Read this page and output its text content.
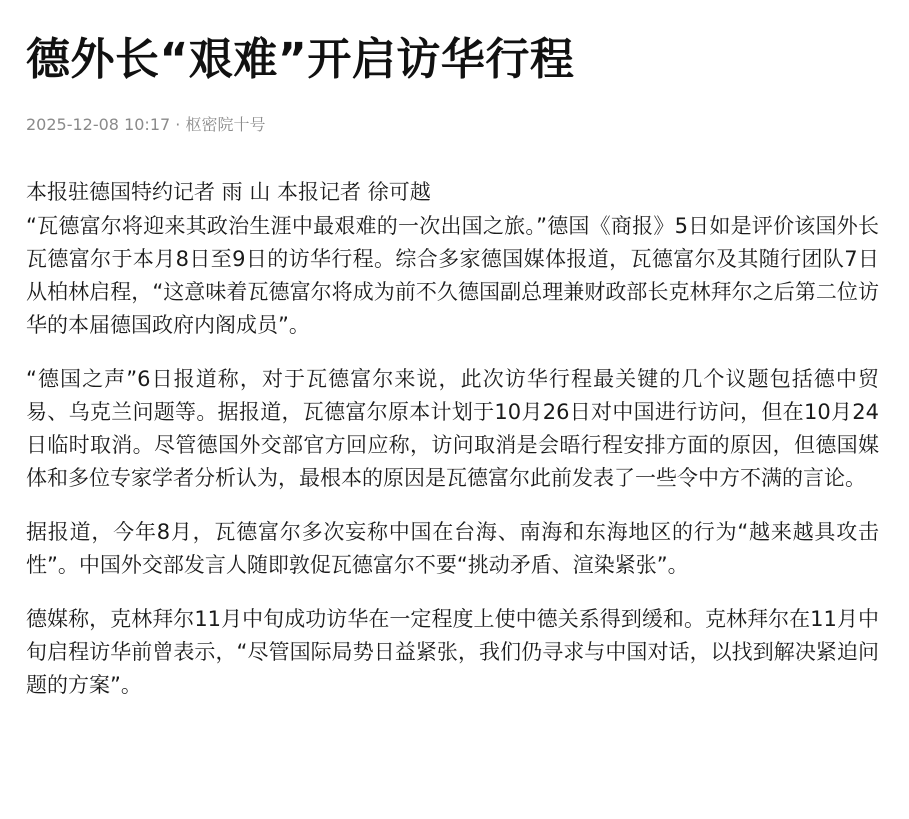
德外长“艰难”开启访华行程
2025-12-08 10:17 · 枢密院十号

本报驻德国特约记者 雨 山 本报记者 徐可越

“瓦德富尔将迎来其政治生涯中最艰难的一次出国之旅。”德国《商报》5日如是评价该国外长瓦德富尔于本月8日至9日的访华行程。综合多家德国媒体报道，瓦德富尔及其随行团队7日从柏林启程，“这意味着瓦德富尔将成为前不久德国副总理兼财政部长克林拜尔之后第二位访华的本届德国政府内阁成员”。

“德国之声”6日报道称，对于瓦德富尔来说，此次访华行程最关键的几个议题包括德中贸易、乌克兰问题等。据报道，瓦德富尔原本计划于10月26日对中国进行访问，但在10月24日临时取消。尽管德国外交部官方回应称，访问取消是会晤行程安排方面的原因，但德国媒体和多位专家学者分析认为，最根本的原因是瓦德富尔此前发表了一些令中方不满的言论。

据报道，今年8月，瓦德富尔多次妄称中国在台海、南海和东海地区的行为“越来越具攻击性”。中国外交部发言人随即敦促瓦德富尔不要“挑动矛盾、渲染紧张”。

德媒称，克林拜尔11月中旬成功访华在一定程度上使中德关系得到缓和。克林拜尔在11月中旬启程访华前曾表示，“尽管国际局势日益紧张，我们仍寻求与中国对话，以找到解决紧迫问题的方案”。
